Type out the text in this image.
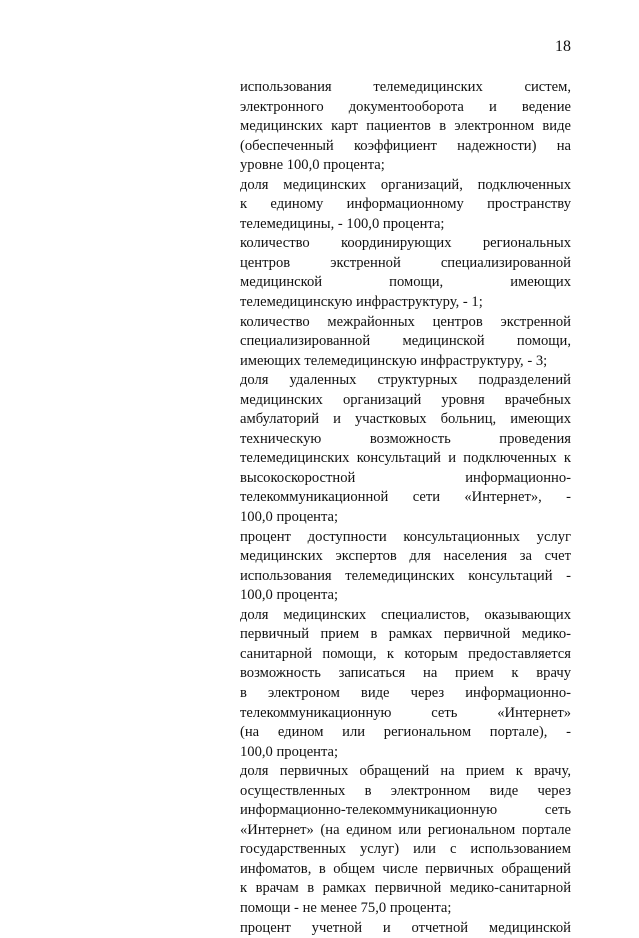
18
использования телемедицинских систем,
электронного документооборота и ведение
медицинских карт пациентов в электронном виде
(обеспеченный коэффициент надежности) на
уровне 100,0 процента;
доля медицинских организаций, подключенных
к единому информационному пространству
телемедицины, - 100,0 процента;
количество координирующих региональных
центров экстренной специализированной
медицинской помощи, имеющих
телемедицинскую инфраструктуру, - 1;
количество межрайонных центров экстренной
специализированной медицинской помощи,
имеющих телемедицинскую инфраструктуру, - 3;
доля удаленных структурных подразделений
медицинских организаций уровня врачебных
амбулаторий и участковых больниц, имеющих
техническую возможность проведения
телемедицинских консультаций и подключенных к
высокоскоростной информационно-
телекоммуникационной сети «Интернет», -
100,0 процента;
процент доступности консультационных услуг
медицинских экспертов для населения за счет
использования телемедицинских консультаций -
100,0 процента;
доля медицинских специалистов, оказывающих
первичный прием в рамках первичной медико-
санитарной помощи, к которым предоставляется
возможность записаться на прием к врачу
в электроном виде через информационно-
телекоммуникационную сеть «Интернет»
(на едином или региональном портале), -
100,0 процента;
доля первичных обращений на прием к врачу,
осуществленных в электронном виде через
информационно-телекоммуникационную сеть
«Интернет» (на едином или региональном портале
государственных услуг) или с использованием
инфоматов, в общем числе первичных обращений
к врачам в рамках первичной медико-санитарной
помощи - не менее 75,0 процента;
процент учетной и отчетной медицинской
